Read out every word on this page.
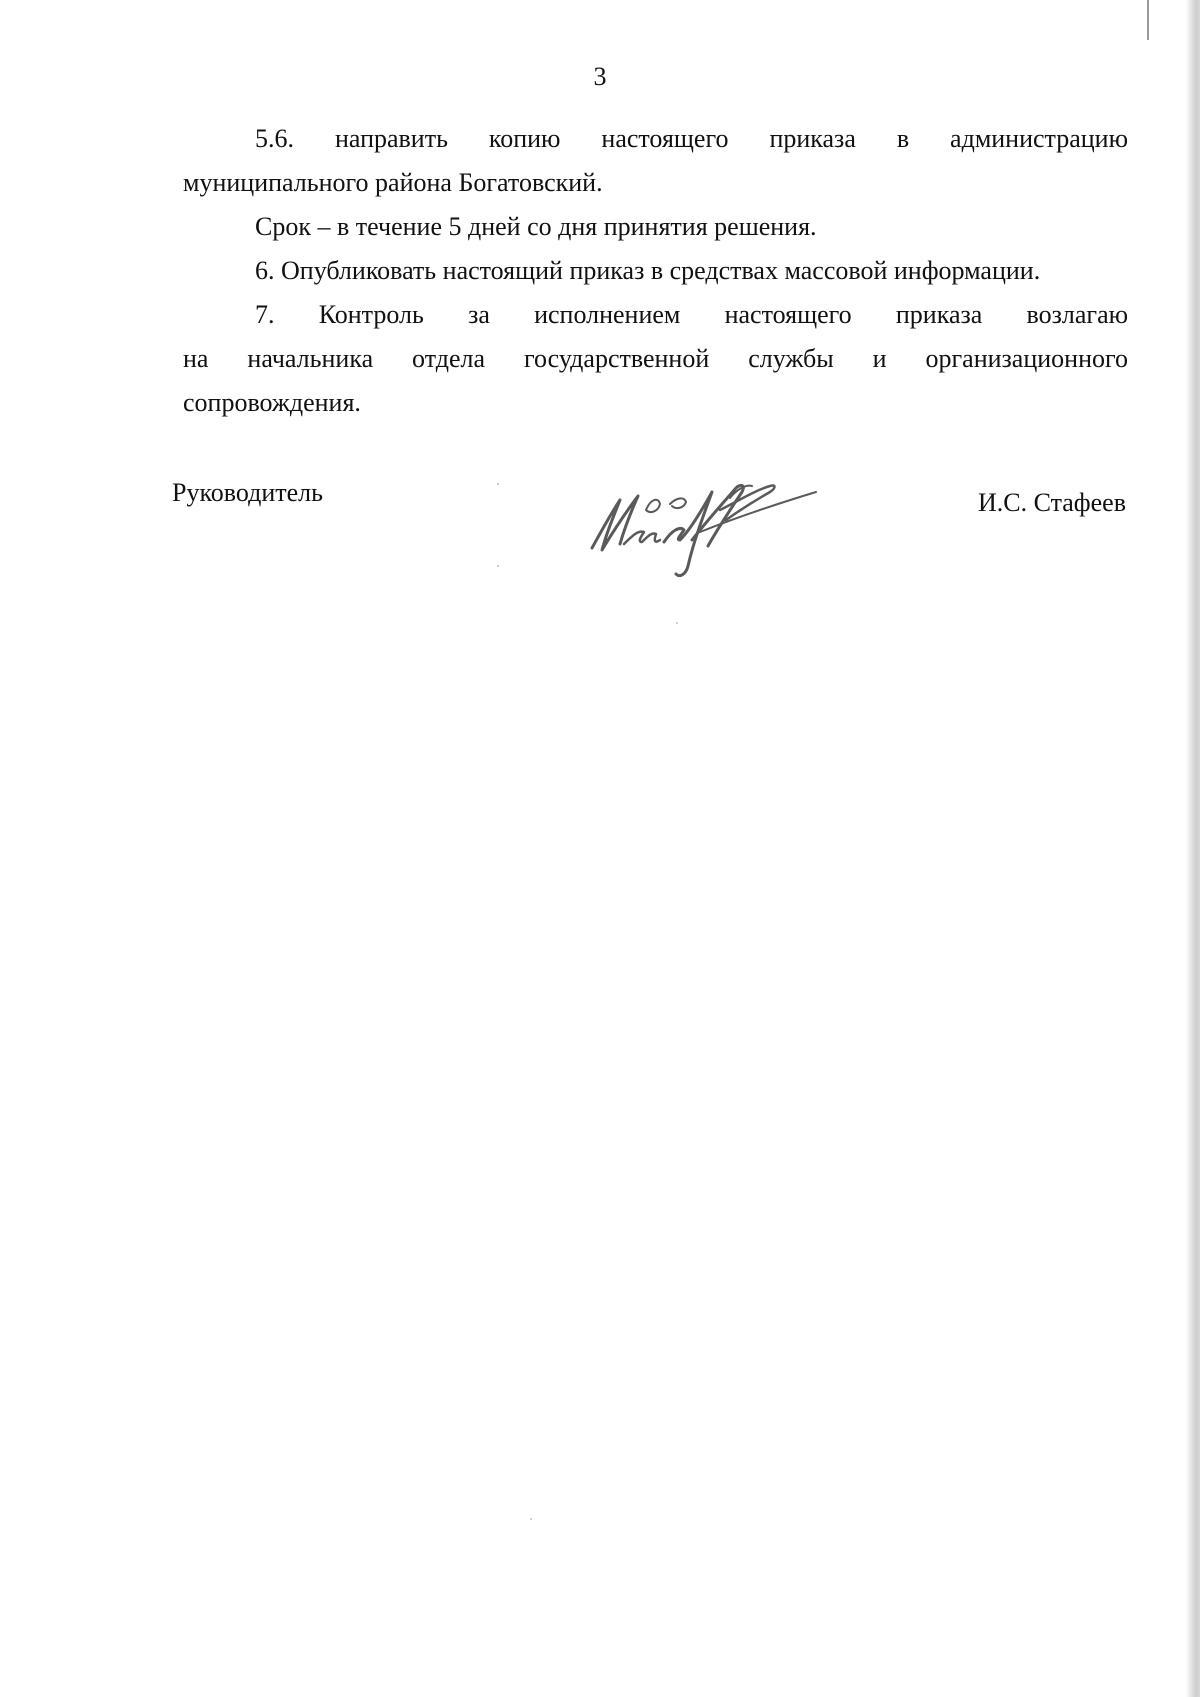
3
5.6. направить копию настоящего приказа в администрацию
муниципального района Богатовский.
Срок – в течение 5 дней со дня принятия решения.
6. Опубликовать настоящий приказ в средствах массовой информации.
7. Контроль за исполнением настоящего приказа возлагаю
на начальника отдела государственной службы и организационного
сопровождения.
Руководитель	И.С. Стафеев
